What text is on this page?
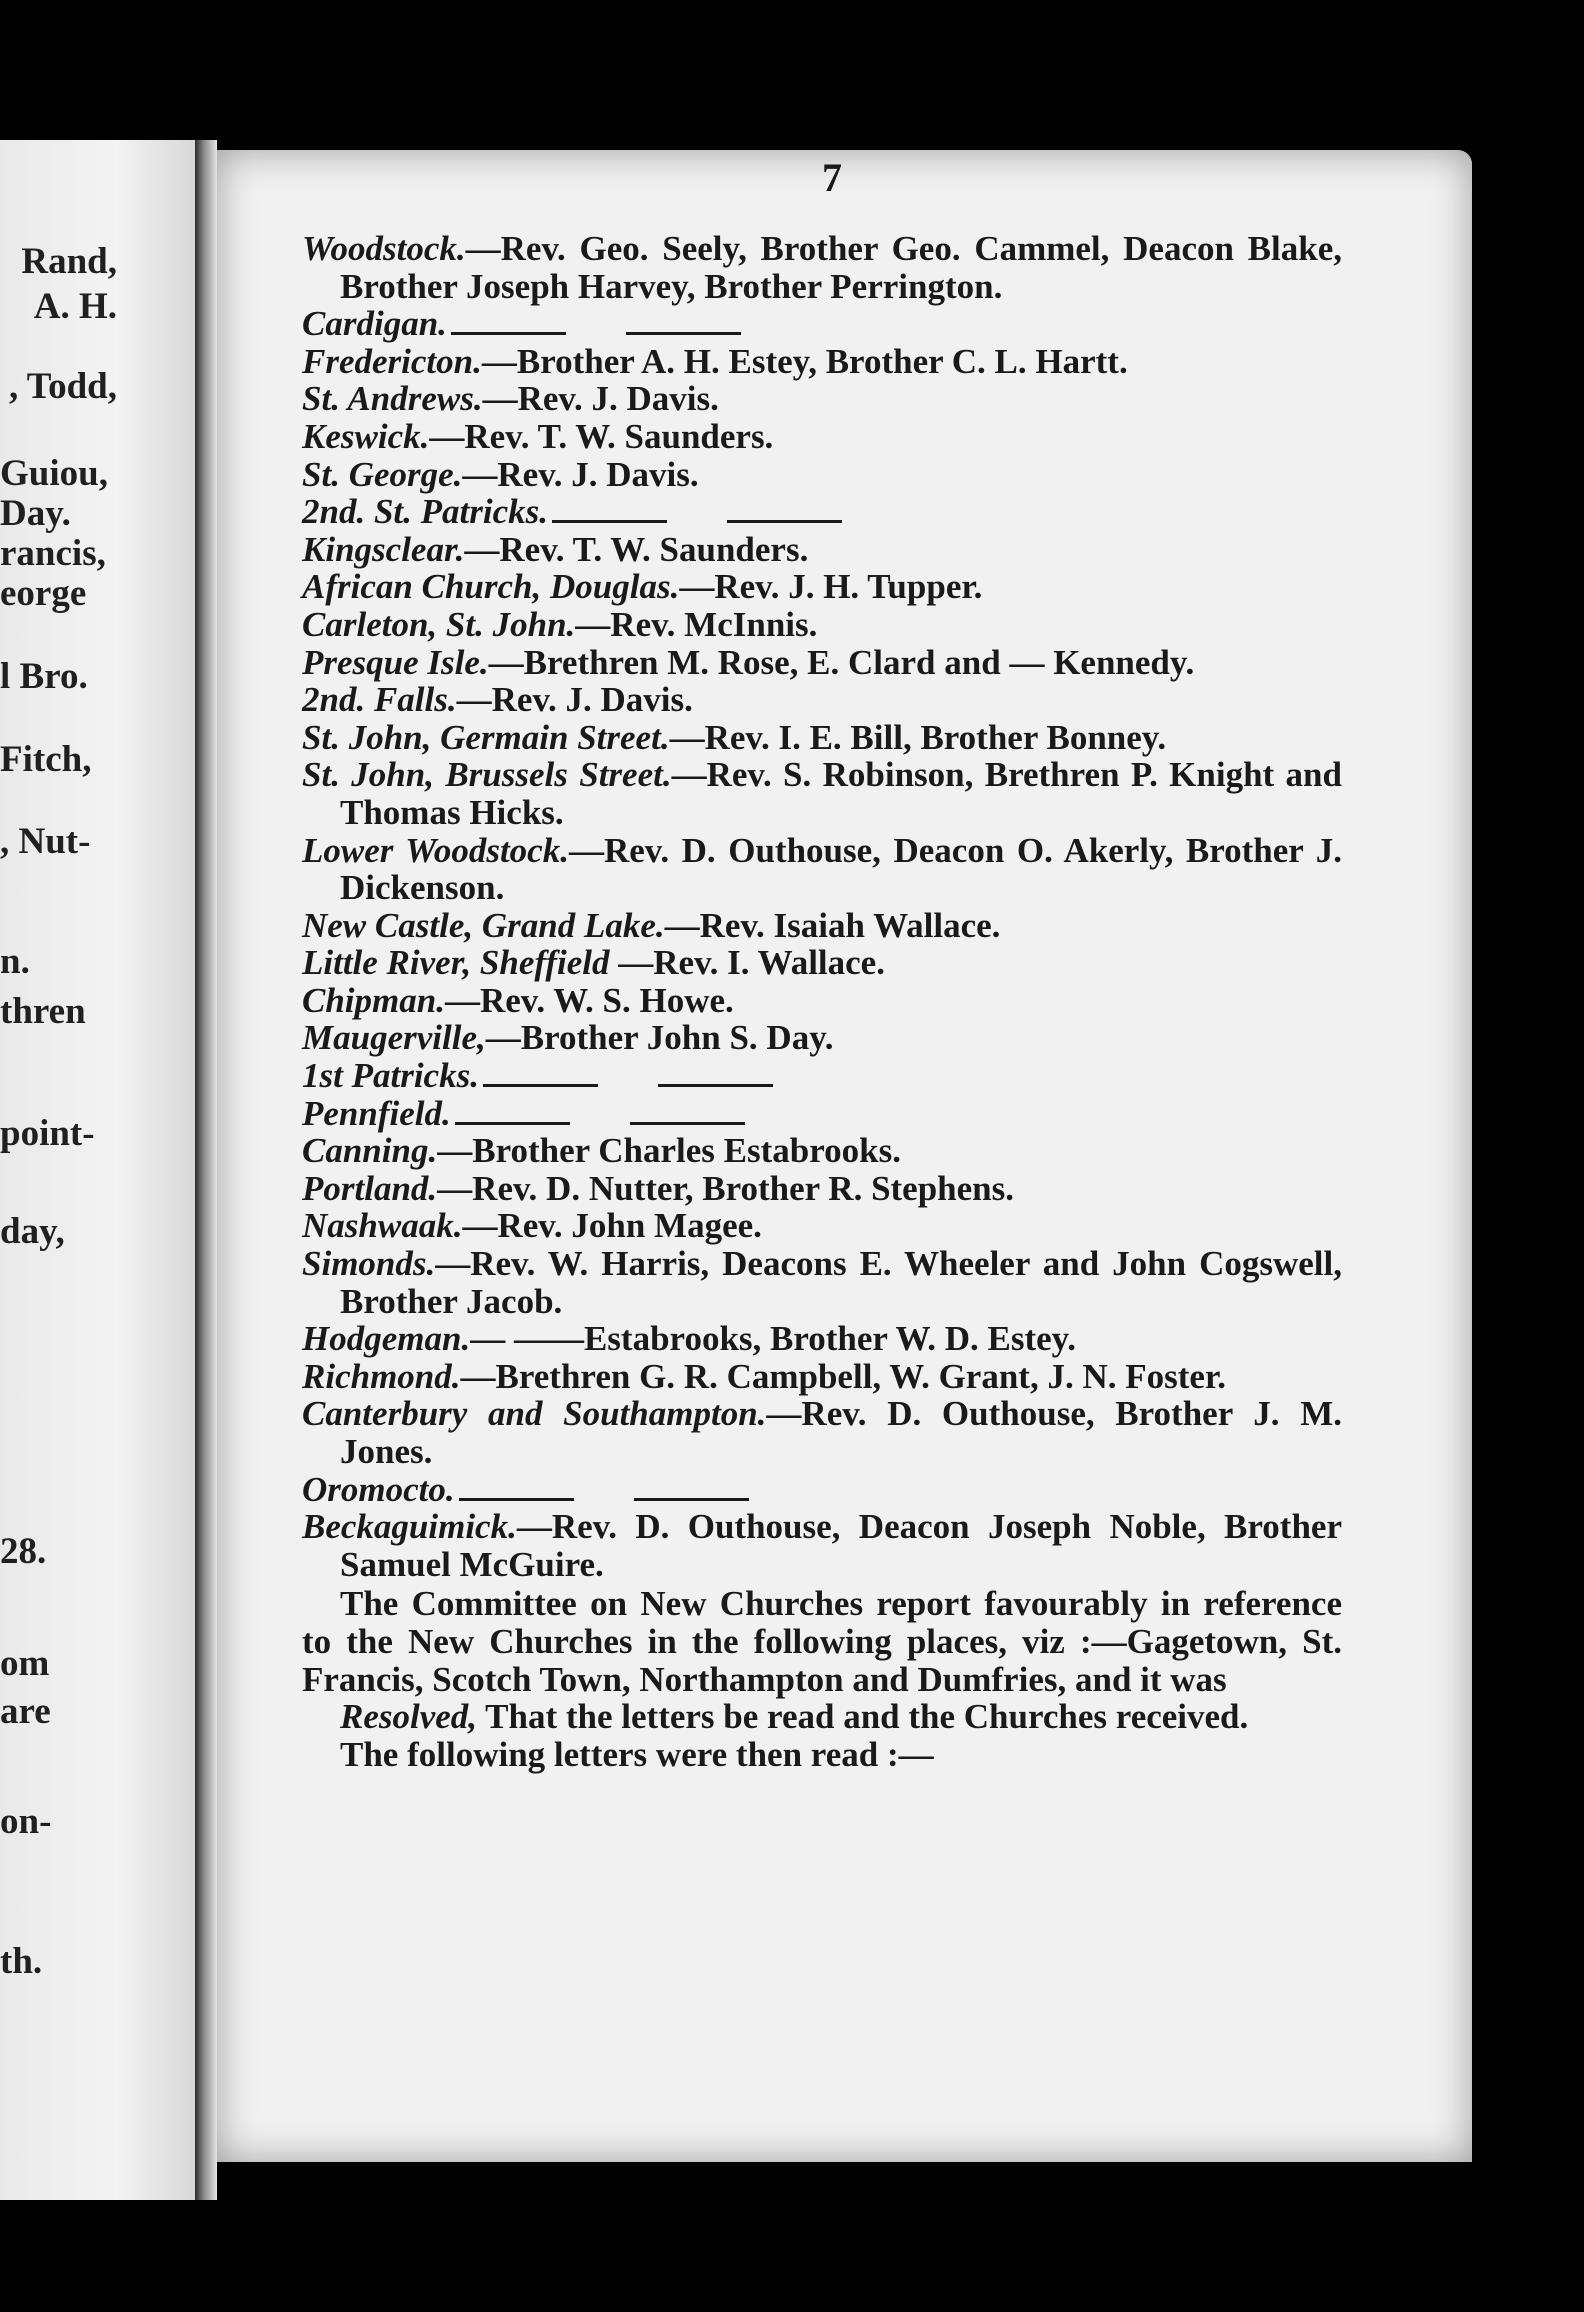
Rand,
A. H.
, Todd,
Guiou,
Day.
rancis,
eorge
l Bro.
Fitch,
, Nut-
n.
thren
point-
day,
28.
om
are
on-
th.
7
Woodstock.—Rev. Geo. Seely, Brother Geo. Cammel, Deacon Blake, Brother Joseph Harvey, Brother Perrington.
Cardigan.
Fredericton.—Brother A. H. Estey, Brother C. L. Hartt.
St. Andrews.—Rev. J. Davis.
Keswick.—Rev. T. W. Saunders.
St. George.—Rev. J. Davis.
2nd. St. Patricks.
Kingsclear.—Rev. T. W. Saunders.
African Church, Douglas.—Rev. J. H. Tupper.
Carleton, St. John.—Rev. McInnis.
Presque Isle.—Brethren M. Rose, E. Clard and — Kennedy.
2nd. Falls.—Rev. J. Davis.
St. John, Germain Street.—Rev. I. E. Bill, Brother Bonney.
St. John, Brussels Street.—Rev. S. Robinson, Brethren P. Knight and Thomas Hicks.
Lower Woodstock.—Rev. D. Outhouse, Deacon O. Akerly, Brother J. Dickenson.
New Castle, Grand Lake.—Rev. Isaiah Wallace.
Little River, Sheffield —Rev. I. Wallace.
Chipman.—Rev. W. S. Howe.
Maugerville,—Brother John S. Day.
1st Patricks.
Pennfield.
Canning.—Brother Charles Estabrooks.
Portland.—Rev. D. Nutter, Brother R. Stephens.
Nashwaak.—Rev. John Magee.
Simonds.—Rev. W. Harris, Deacons E. Wheeler and John Cogswell, Brother Jacob.
Hodgeman.— ——Estabrooks, Brother W. D. Estey.
Richmond.—Brethren G. R. Campbell, W. Grant, J. N. Foster.
Canterbury and Southampton.—Rev. D. Outhouse, Brother J. M. Jones.
Oromocto.
Beckaguimick.—Rev. D. Outhouse, Deacon Joseph Noble, Brother Samuel McGuire.

The Committee on New Churches report favourably in reference to the New Churches in the following places, viz :—Gagetown, St. Francis, Scotch Town, Northampton and Dumfries, and it was

Resolved, That the letters be read and the Churches received.

The following letters were then read :—
